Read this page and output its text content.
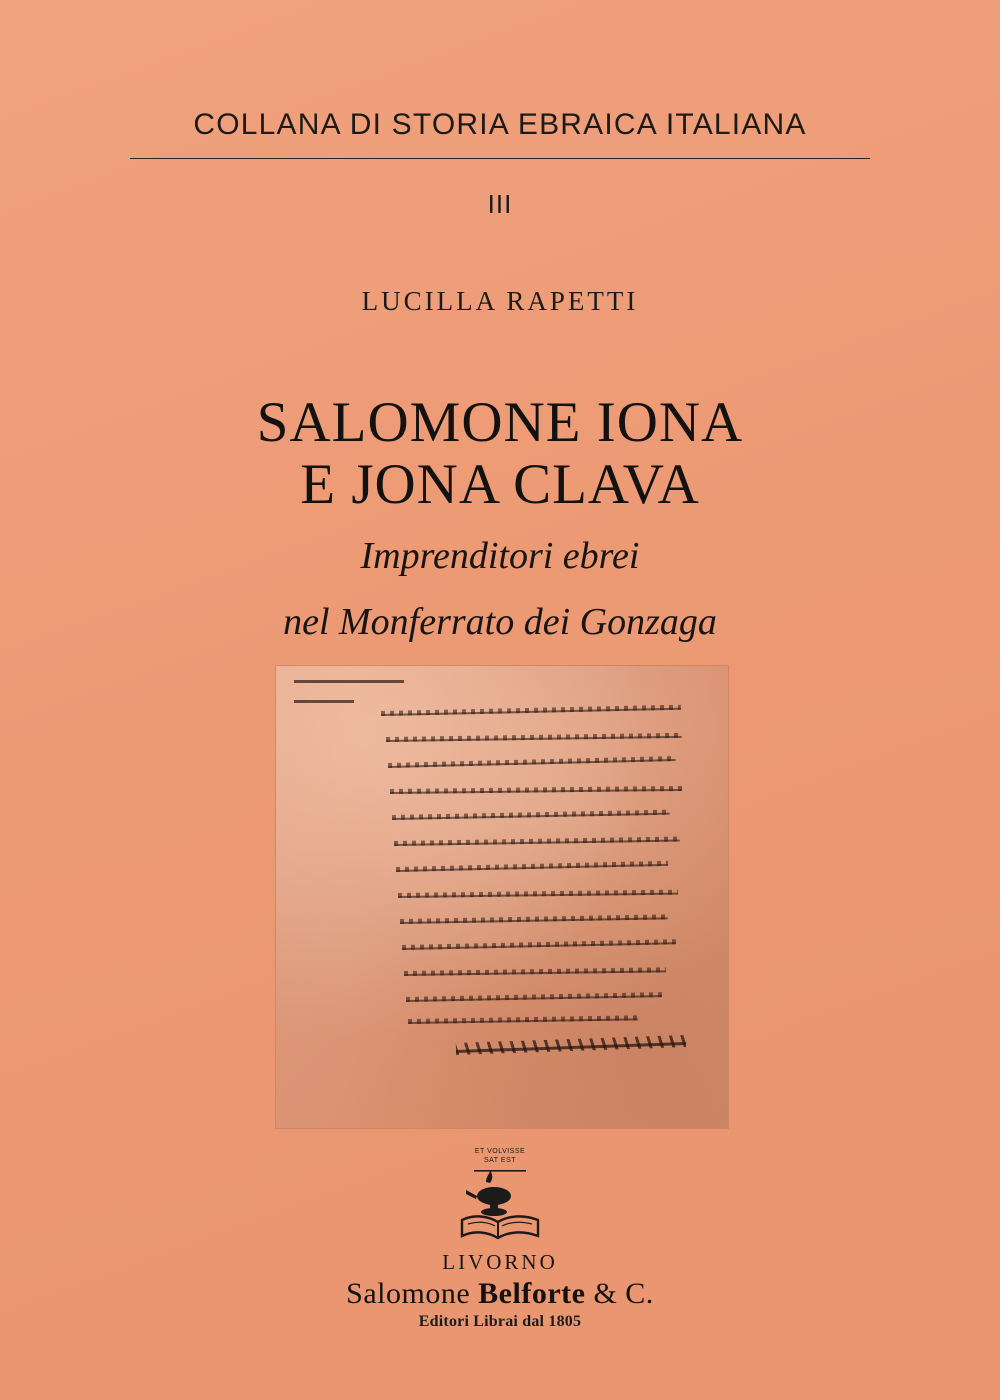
COLLANA DI STORIA EBRAICA ITALIANA
III
LUCILLA RAPETTI
SALOMONE IONA
E JONA CLAVA
Imprenditori ebrei
nel Monferrato dei Gonzaga
ET VOLVISSE
SAT EST
LIVORNO
Salomone Belforte & C.
Editori Librai dal 1805
